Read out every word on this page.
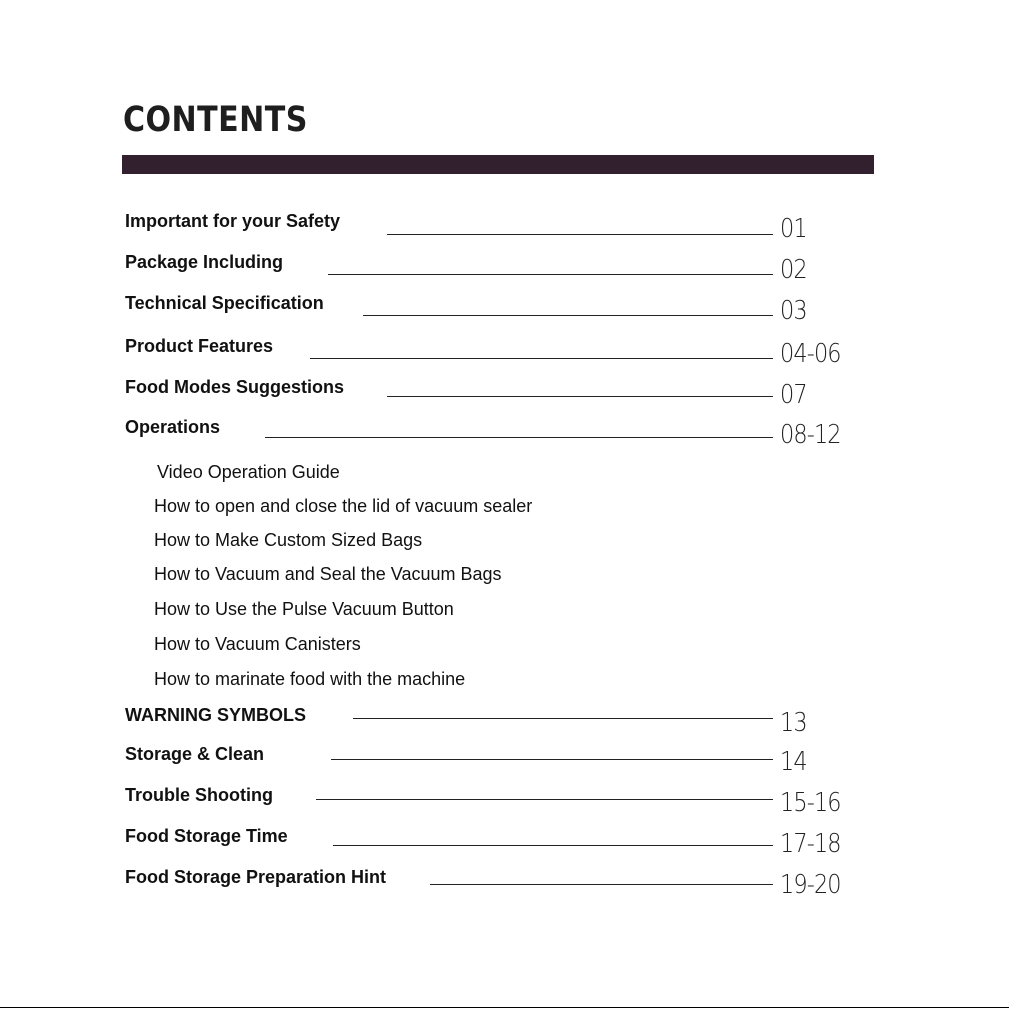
CONTENTS
Important for your Safety	01
Package Including	02
Technical Specification	03
Product Features	04-06
Food Modes Suggestions	07
Operations	08-12
Video Operation Guide
How to open and close the lid of vacuum sealer
How to Make Custom Sized Bags
How to Vacuum and Seal the Vacuum Bags
How to Use the Pulse Vacuum Button
How to Vacuum Canisters
How to marinate food with the machine
WARNING SYMBOLS	13
Storage & Clean	14
Trouble Shooting	15-16
Food Storage Time	17-18
Food Storage Preparation Hint	19-20
